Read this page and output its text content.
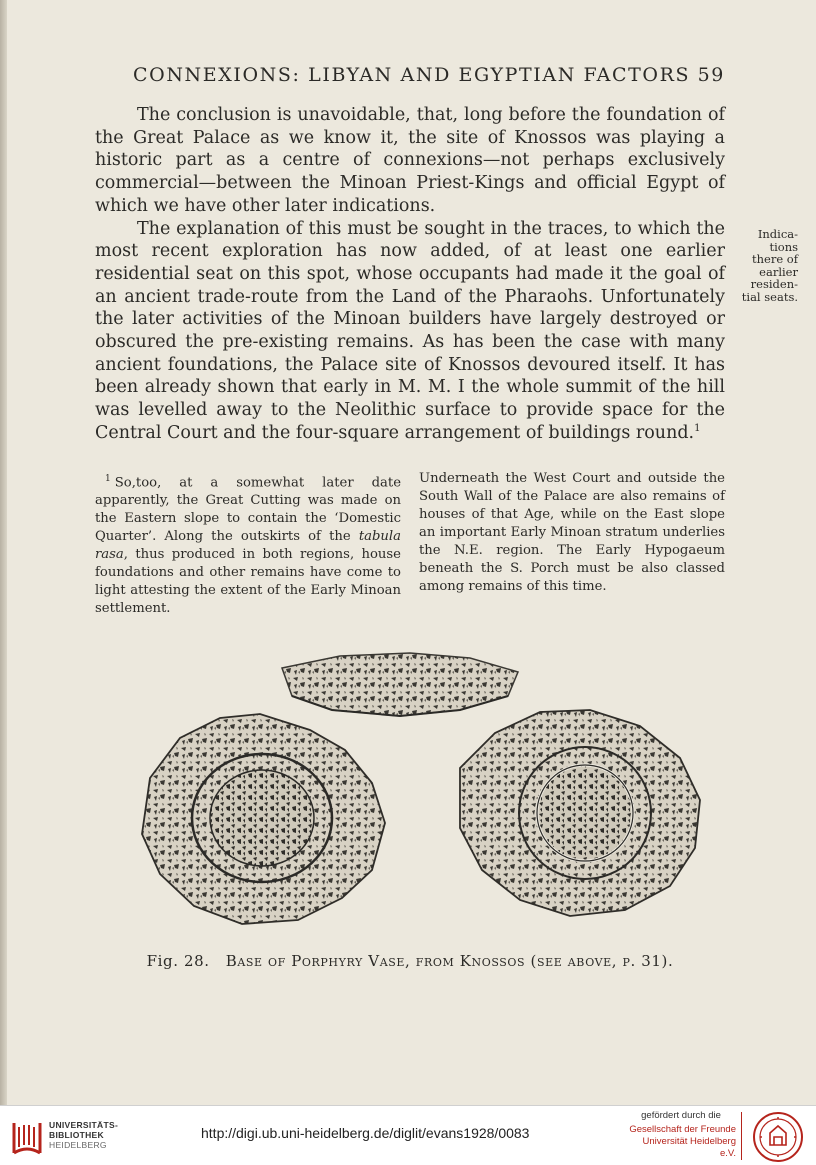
CONNEXIONS: LIBYAN AND EGYPTIAN FACTORS 59

The conclusion is unavoidable, that, long before the foundation of the Great Palace as we know it, the site of Knossos was playing a historic part as a centre of connexions—not perhaps exclusively commercial—between the Minoan Priest-Kings and official Egypt of which we have other later indications.

The explanation of this must be sought in the traces, to which the most recent exploration has now added, of at least one earlier residential seat on this spot, whose occupants had made it the goal of an ancient trade-route from the Land of the Pharaohs. Unfortunately the later activities of the Minoan builders have largely destroyed or obscured the pre-existing remains. As has been the case with many ancient foundations, the Palace site of Knossos devoured itself. It has been already shown that early in M. M. I the whole summit of the hill was levelled away to the Neolithic surface to provide space for the Central Court and the four-square arrangement of buildings round.$^1$

Indica-
tions
there of
earlier
residen-
tial seats.

$^1$ So,too, at a somewhat later date apparently, the Great Cutting was made on the Eastern slope to contain the ‘Domestic Quarter’. Along the outskirts of the tabula rasa, thus produced in both regions, house foundations and other remains have come to light attesting the extent of the Early Minoan settlement.

Underneath the West Court and outside the South Wall of the Palace are also remains of houses of that Age, while on the East slope an important Early Minoan stratum underlies the N.E. region. The Early Hypogaeum beneath the S. Porch must be also classed among remains of this time.

Fig. 28. Base of Porphyry Vase, from Knossos (see above, p. 31).
UNIVERSITÄTS-
BIBLIOTHEK
HEIDELBERG
http://digi.ub.uni-heidelberg.de/diglit/evans1928/0083
gefördert durch die
Gesellschaft der Freunde
Universität Heidelberg e.V.
